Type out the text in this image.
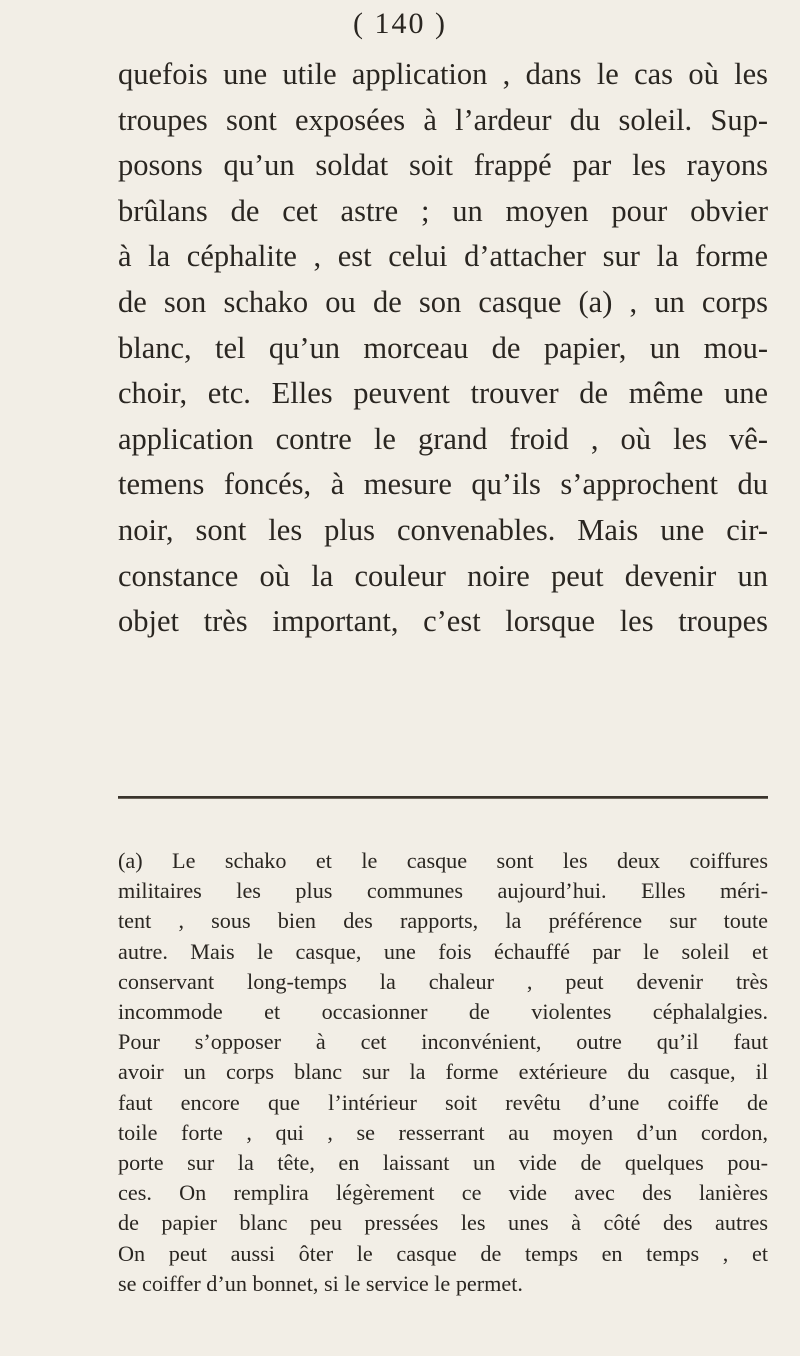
( 140 )

quefois une utile application , dans le cas où les
troupes sont exposées à l’ardeur du soleil. Sup-
posons qu’un soldat soit frappé par les rayons
brûlans de cet astre ; un moyen pour obvier
à la céphalite , est celui d’attacher sur la forme
de son schako ou de son casque (a) , un corps
blanc, tel qu’un morceau de papier, un mou-
choir, etc. Elles peuvent trouver de même une
application contre le grand froid , où les vê-
temens foncés, à mesure qu’ils s’approchent du
noir, sont les plus convenables. Mais une cir-
constance où la couleur noire peut devenir un
objet très important, c’est lorsque les troupes

(a) Le schako et le casque sont les deux coiffures
militaires les plus communes aujourd’hui. Elles méri-
tent , sous bien des rapports, la préférence sur toute
autre. Mais le casque, une fois échauffé par le soleil et
conservant long-temps la chaleur , peut devenir très
incommode et occasionner de violentes céphalalgies.
Pour s’opposer à cet inconvénient, outre qu’il faut
avoir un corps blanc sur la forme extérieure du casque, il
faut encore que l’intérieur soit revêtu d’une coiffe de
toile forte , qui , se resserrant au moyen d’un cordon,
porte sur la tête, en laissant un vide de quelques pou-
ces. On remplira légèrement ce vide avec des lanières
de papier blanc peu pressées les unes à côté des autres
On peut aussi ôter le casque de temps en temps , et
se coiffer d’un bonnet, si le service le permet.
